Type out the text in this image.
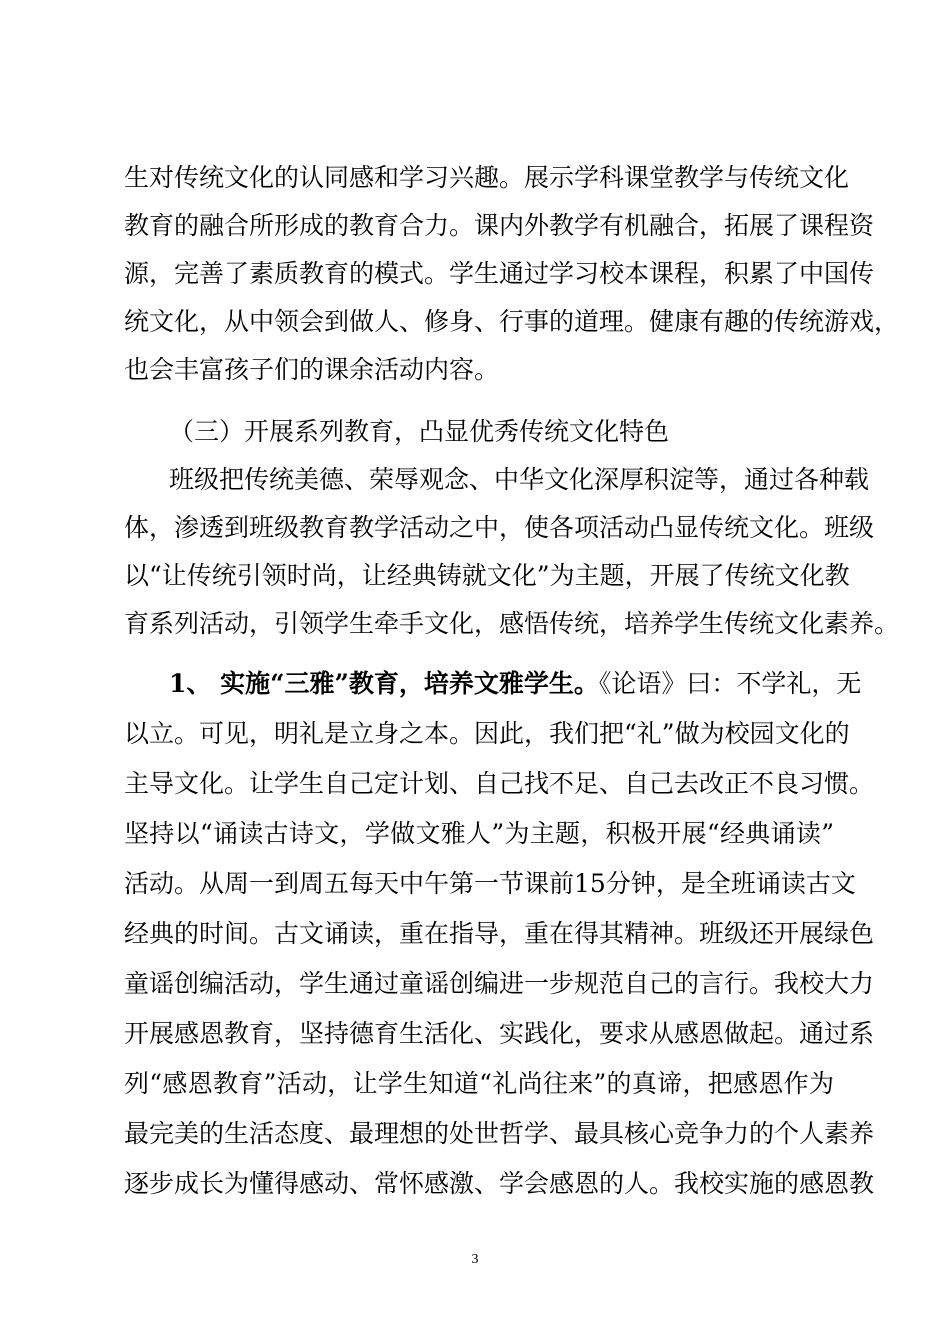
生对传统文化的认同感和学习兴趣。展示学科课堂教学与传统文化
教育的融合所形成的教育合力。课内外教学有机融合，拓展了课程资
源，完善了素质教育的模式。学生通过学习校本课程，积累了中国传
统文化，从中领会到做人、修身、行事的道理。健康有趣的传统游戏，
也会丰富孩子们的课余活动内容。
（三）开展系列教育，凸显优秀传统文化特色
班级把传统美德、荣辱观念、中华文化深厚积淀等，通过各种载
体，渗透到班级教育教学活动之中，使各项活动凸显传统文化。班级
以“让传统引领时尚，让经典铸就文化”为主题，开展了传统文化教
育系列活动，引领学生牵手文化，感悟传统，培养学生传统文化素养。
1、 实施“三雅”教育，培养文雅学生。《论语》曰：不学礼，无
以立。可见，明礼是立身之本。因此，我们把“礼”做为校园文化的
主导文化。让学生自己定计划、自己找不足、自己去改正不良习惯。
坚持以“诵读古诗文，学做文雅人”为主题，积极开展“经典诵读”
活动。从周一到周五每天中午第一节课前15分钟，是全班诵读古文
经典的时间。古文诵读，重在指导，重在得其精神。班级还开展绿色
童谣创编活动，学生通过童谣创编进一步规范自己的言行。我校大力
开展感恩教育，坚持德育生活化、实践化，要求从感恩做起。通过系
列“感恩教育”活动，让学生知道“礼尚往来”的真谛，把感恩作为
最完美的生活态度、最理想的处世哲学、最具核心竞争力的个人素养
逐步成长为懂得感动、常怀感激、学会感恩的人。我校实施的感恩教
3
